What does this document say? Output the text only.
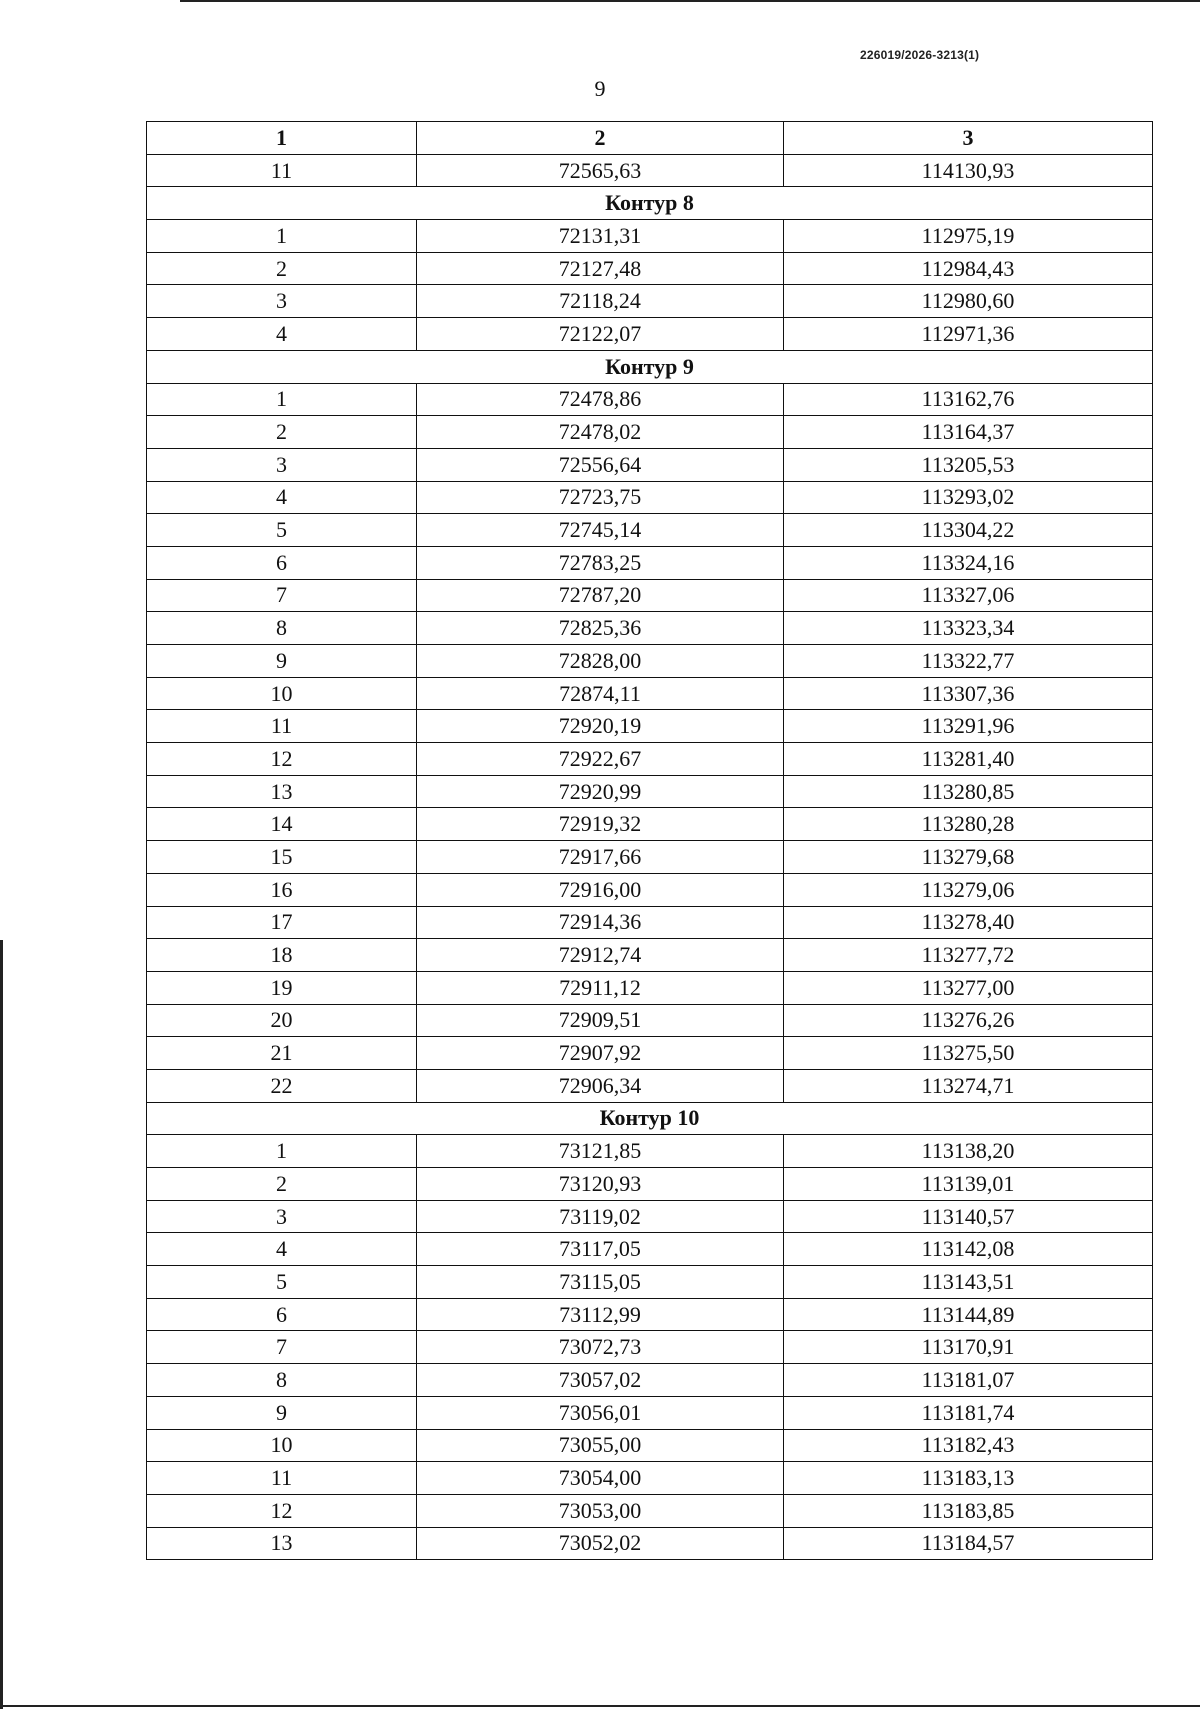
226019/2026-3213(1)
9
1	2	3
11	72565,63	114130,93
Контур 8		
1	72131,31	112975,19
2	72127,48	112984,43
3	72118,24	112980,60
4	72122,07	112971,36
Контур 9		
1	72478,86	113162,76
2	72478,02	113164,37
3	72556,64	113205,53
4	72723,75	113293,02
5	72745,14	113304,22
6	72783,25	113324,16
7	72787,20	113327,06
8	72825,36	113323,34
9	72828,00	113322,77
10	72874,11	113307,36
11	72920,19	113291,96
12	72922,67	113281,40
13	72920,99	113280,85
14	72919,32	113280,28
15	72917,66	113279,68
16	72916,00	113279,06
17	72914,36	113278,40
18	72912,74	113277,72
19	72911,12	113277,00
20	72909,51	113276,26
21	72907,92	113275,50
22	72906,34	113274,71
Контур 10		
1	73121,85	113138,20
2	73120,93	113139,01
3	73119,02	113140,57
4	73117,05	113142,08
5	73115,05	113143,51
6	73112,99	113144,89
7	73072,73	113170,91
8	73057,02	113181,07
9	73056,01	113181,74
10	73055,00	113182,43
11	73054,00	113183,13
12	73053,00	113183,85
13	73052,02	113184,57
